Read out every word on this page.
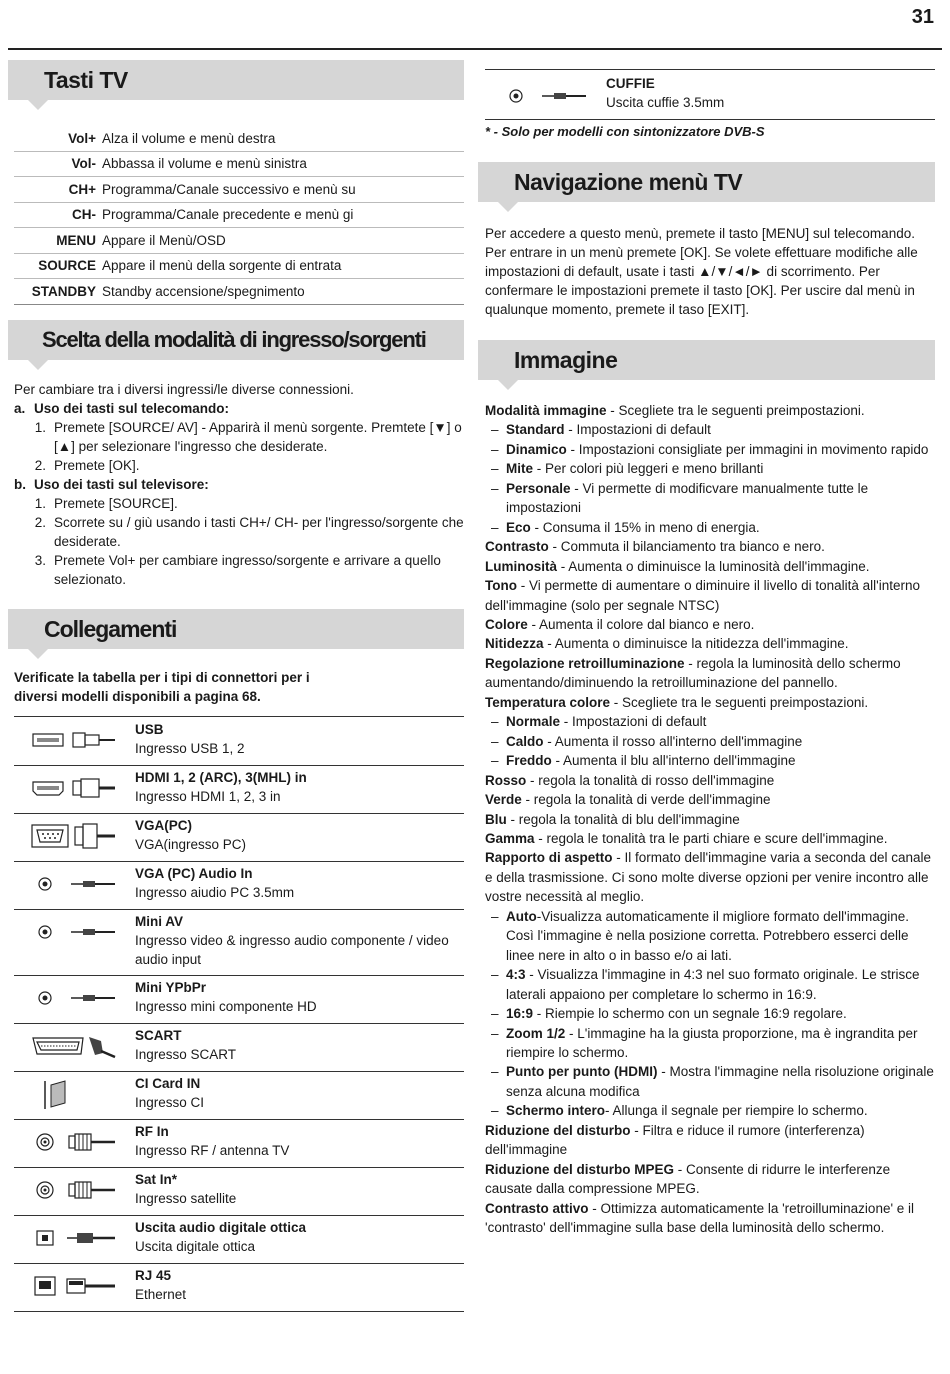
31
Tasti TV
Vol+ Alza il volume e menù destra
Vol- Abbassa il volume e menù sinistra
CH+ Programma/Canale successivo e menù su
CH- Programma/Canale precedente e menù gi
MENU Appare il Menù/OSD
SOURCE Appare il menù della sorgente di entrata
STANDBY Standby accensione/spegnimento
Scelta della modalità di ingresso/sorgenti

Per cambiare tra i diversi ingressi/le diverse connessioni.

a. Uso dei tasti sul telecomando:
1. Premete [SOURCE/ AV] - Apparirà il menù sorgente. Premtete [▼] o [▲] per selezionare l'ingresso che desiderate.
2. Premete [OK].
b. Uso dei tasti sul televisore:
1. Premete [SOURCE].
2. Scorrete su / giù usando i tasti CH+/ CH- per l'ingresso/sorgente che desiderate.
3. Premete Vol+ per cambiare ingresso/sorgente e arrivare a quello selezionato.
Collegamenti
Verificate la tabella per i tipi di connettori per i diversi modelli disponibili a pagina 68.
USB
Ingresso USB 1, 2
HDMI 1, 2 (ARC), 3(MHL) in
Ingresso HDMI 1, 2, 3 in
VGA(PC)
VGA(ingresso PC)
VGA (PC) Audio In
Ingresso aiudio PC 3.5mm
Mini AV
Ingresso video & ingresso audio componente / video audio input
Mini YPbPr
Ingresso mini componente HD
SCART
Ingresso SCART
CI Card IN
Ingresso CI
RF In
Ingresso RF / antenna TV
Sat In*
Ingresso satellite
Uscita audio digitale ottica
Uscita digitale ottica
RJ 45
Ethernet
CUFFIE
Uscita cuffie 3.5mm
* - Solo per modelli con sintonizzatore DVB-S
Navigazione menù TV
Per accedere a questo menù, premete il tasto [MENU] sul telecomando. Per entrare in un menù premete [OK]. Se volete effettuare modifiche alle impostazioni di default, usate i tasti ▲/▼/◄/► di scorrimento. Per confermare le impostazioni premete il tasto [OK]. Per uscire dal menù in qualunque momento, premete il taso [EXIT].
Immagine
Modalità immagine - Scegliete tra le seguenti preimpostazioni.
– Standard - Impostazioni di default
– Dinamico - Impostazioni consigliate per immagini in movimento rapido
– Mite - Per colori più leggeri e meno brillanti
– Personale - Vi permette di modificvare manualmente tutte le impostazioni
– Eco - Consuma il 15% in meno di energia.
Contrasto - Commuta il bilanciamento tra bianco e nero.
Luminosità - Aumenta o diminuisce la luminosità dell'immagine.
Tono - Vi permette di aumentare o diminuire il livello di tonalità all'interno dell'immagine (solo per segnale NTSC)
Colore - Aumenta il colore dal bianco e nero.
Nitidezza - Aumenta o diminuisce la nitidezza dell'immagine.
Regolazione retroilluminazione - regola la luminosità dello schermo aumentando/diminuendo la retroilluminazione del pannello.
Temperatura colore - Scegliete tra le seguenti preimpostazioni.
– Normale - Impostazioni di default
– Caldo - Aumenta il rosso all'interno dell'immagine
– Freddo - Aumenta il blu all'interno dell'immagine
Rosso - regola la tonalità di rosso dell'immagine
Verde - regola la tonalità di verde dell'immagine
Blu - regola la tonalità di blu dell'immagine
Gamma - regola le tonalità tra le parti chiare e scure dell'immagine.
Rapporto di aspetto - Il formato dell'immagine varia a seconda del canale e della trasmissione. Ci sono molte diverse opzioni per venire incontro alle vostre necessità al meglio.
– Auto-Visualizza automaticamente il migliore formato dell'immagine. Così l'immagine è nella posizione corretta. Potrebbero esserci delle linee nere in alto o in basso e/o ai lati.
– 4:3 - Visualizza l'immagine in 4:3 nel suo formato originale. Le strisce laterali appaiono per completare lo schermo in 16:9.
– 16:9 - Riempie lo schermo con un segnale 16:9 regolare.
– Zoom 1/2 - L'immagine ha la giusta proporzione, ma è ingrandita per riempire lo schermo.
– Punto per punto (HDMI) - Mostra l'immagine nella risoluzione originale senza alcuna modifica
– Schermo intero- Allunga il segnale per riempire lo schermo.
Riduzione del disturbo - Filtra e riduce il rumore (interferenza) dell'immagine
Riduzione del disturbo MPEG - Consente di ridurre le interferenze causate dalla compressione MPEG.
Contrasto attivo - Ottimizza automaticamente la 'retroilluminazione' e il 'contrasto' dell'immagine sulla base della luminosità dello schermo.
